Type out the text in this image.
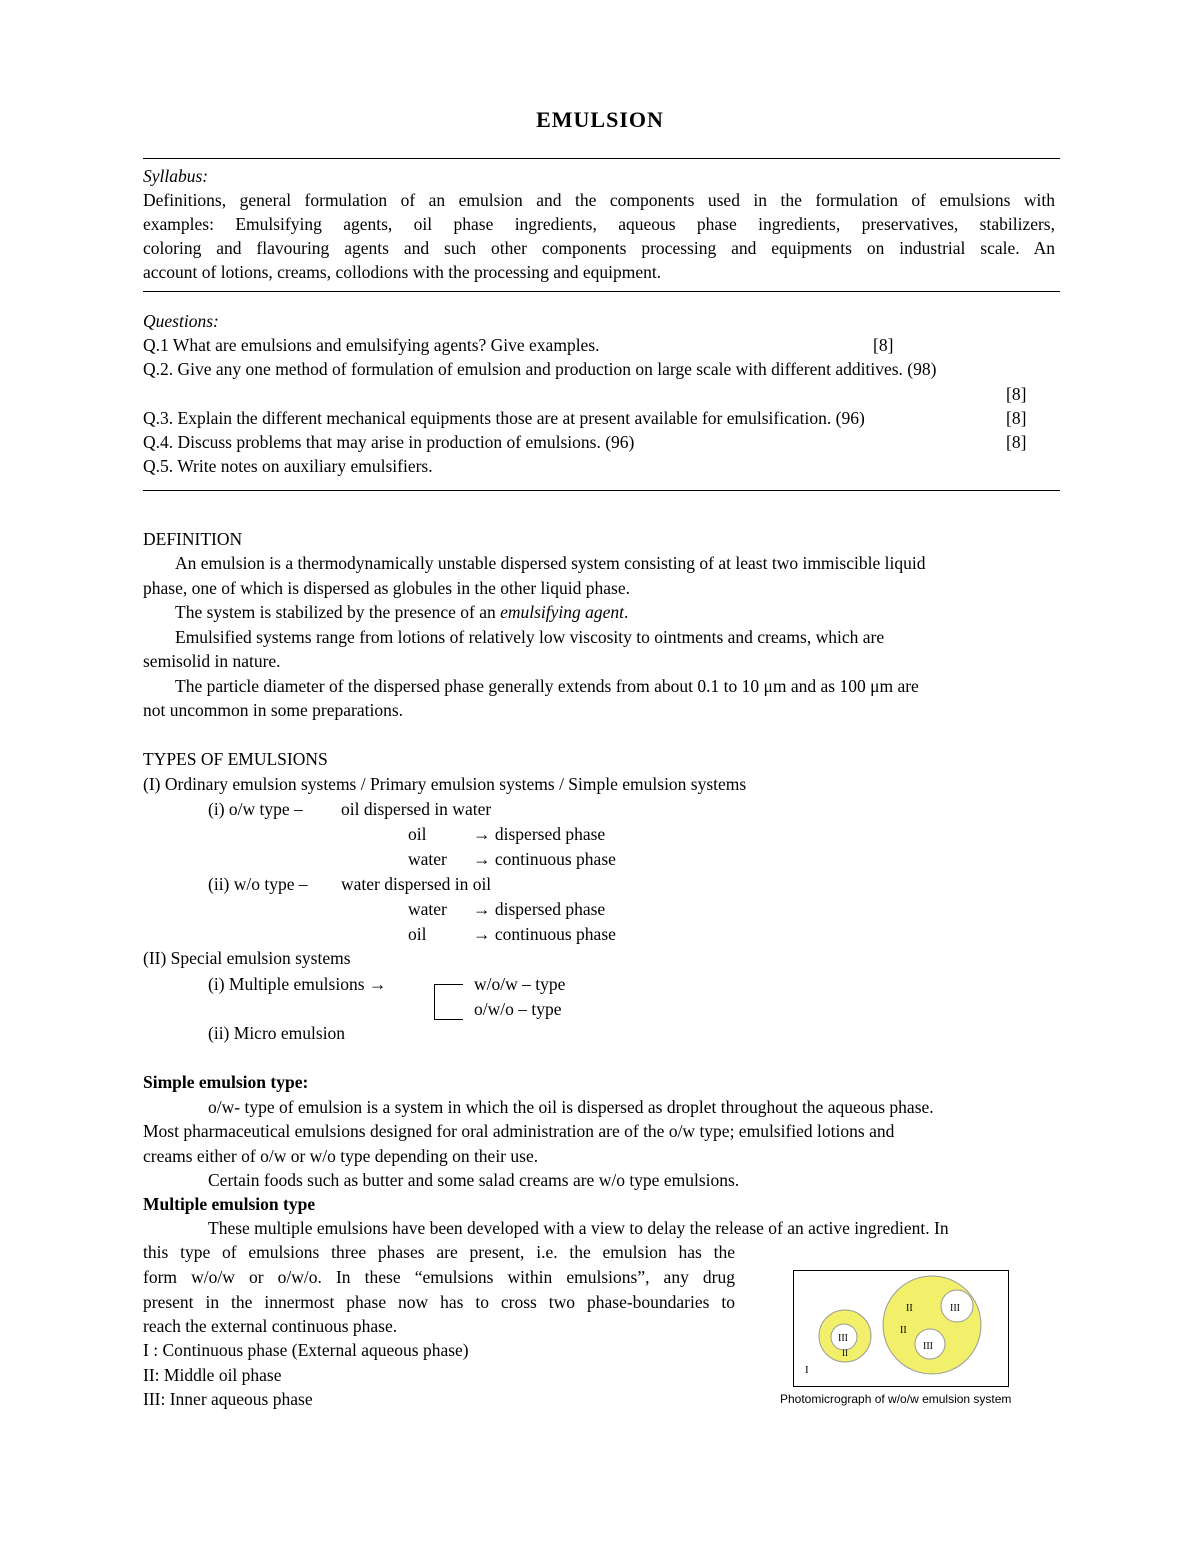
EMULSION
Syllabus:
Definitions, general formulation of an emulsion and the components used in the formulation of emulsions with
examples: Emulsifying agents, oil phase ingredients, aqueous phase ingredients, preservatives, stabilizers,
coloring and flavouring agents and such other components processing and equipments on industrial scale. An
account of lotions, creams, collodions with the processing and equipment.
Questions:
Q.1 What are emulsions and emulsifying agents? Give examples.	[8]
Q.2. Give any one method of formulation of emulsion and production on large scale with different additives. (98)
[8]
Q.3. Explain the different mechanical equipments those are at present available for emulsification. (96)	[8]
Q.4. Discuss problems that may arise in production of emulsions. (96)	[8]
Q.5. Write notes on auxiliary emulsifiers.
DEFINITION
An emulsion is a thermodynamically unstable dispersed system consisting of at least two immiscible liquid
phase, one of which is dispersed as globules in the other liquid phase.
The system is stabilized by the presence of an emulsifying agent.
Emulsified systems range from lotions of relatively low viscosity to ointments and creams, which are
semisolid in nature.
The particle diameter of the dispersed phase generally extends from about 0.1 to 10 μm and as 100 μm are
not uncommon in some preparations.
TYPES OF EMULSIONS
(I) Ordinary emulsion systems / Primary emulsion systems / Simple emulsion systems
(i) o/w type – oil dispersed in water
oil	→ dispersed phase
water → continuous phase
(ii) w/o type – water dispersed in oil
water → dispersed phase
oil	→ continuous phase
(II) Special emulsion systems
(i) Multiple emulsions →	w/o/w – type
o/w/o – type
(ii) Micro emulsion
Simple emulsion type:
o/w- type of emulsion is a system in which the oil is dispersed as droplet throughout the aqueous phase.
Most pharmaceutical emulsions designed for oral administration are of the o/w type; emulsified lotions and
creams either of o/w or w/o type depending on their use.
Certain foods such as butter and some salad creams are w/o type emulsions.
Multiple emulsion type
These multiple emulsions have been developed with a view to delay the release of an active ingredient. In
this type of emulsions three phases are present, i.e. the emulsion has the
form w/o/w or o/w/o. In these “emulsions within emulsions”, any drug
present in the innermost phase now has to cross two phase-boundaries to
reach the external continuous phase.
I : Continuous phase (External aqueous phase)
II: Middle oil phase
III: Inner aqueous phase
III
II
II	III
II
III
I
Photomicrograph of w/o/w emulsion system
